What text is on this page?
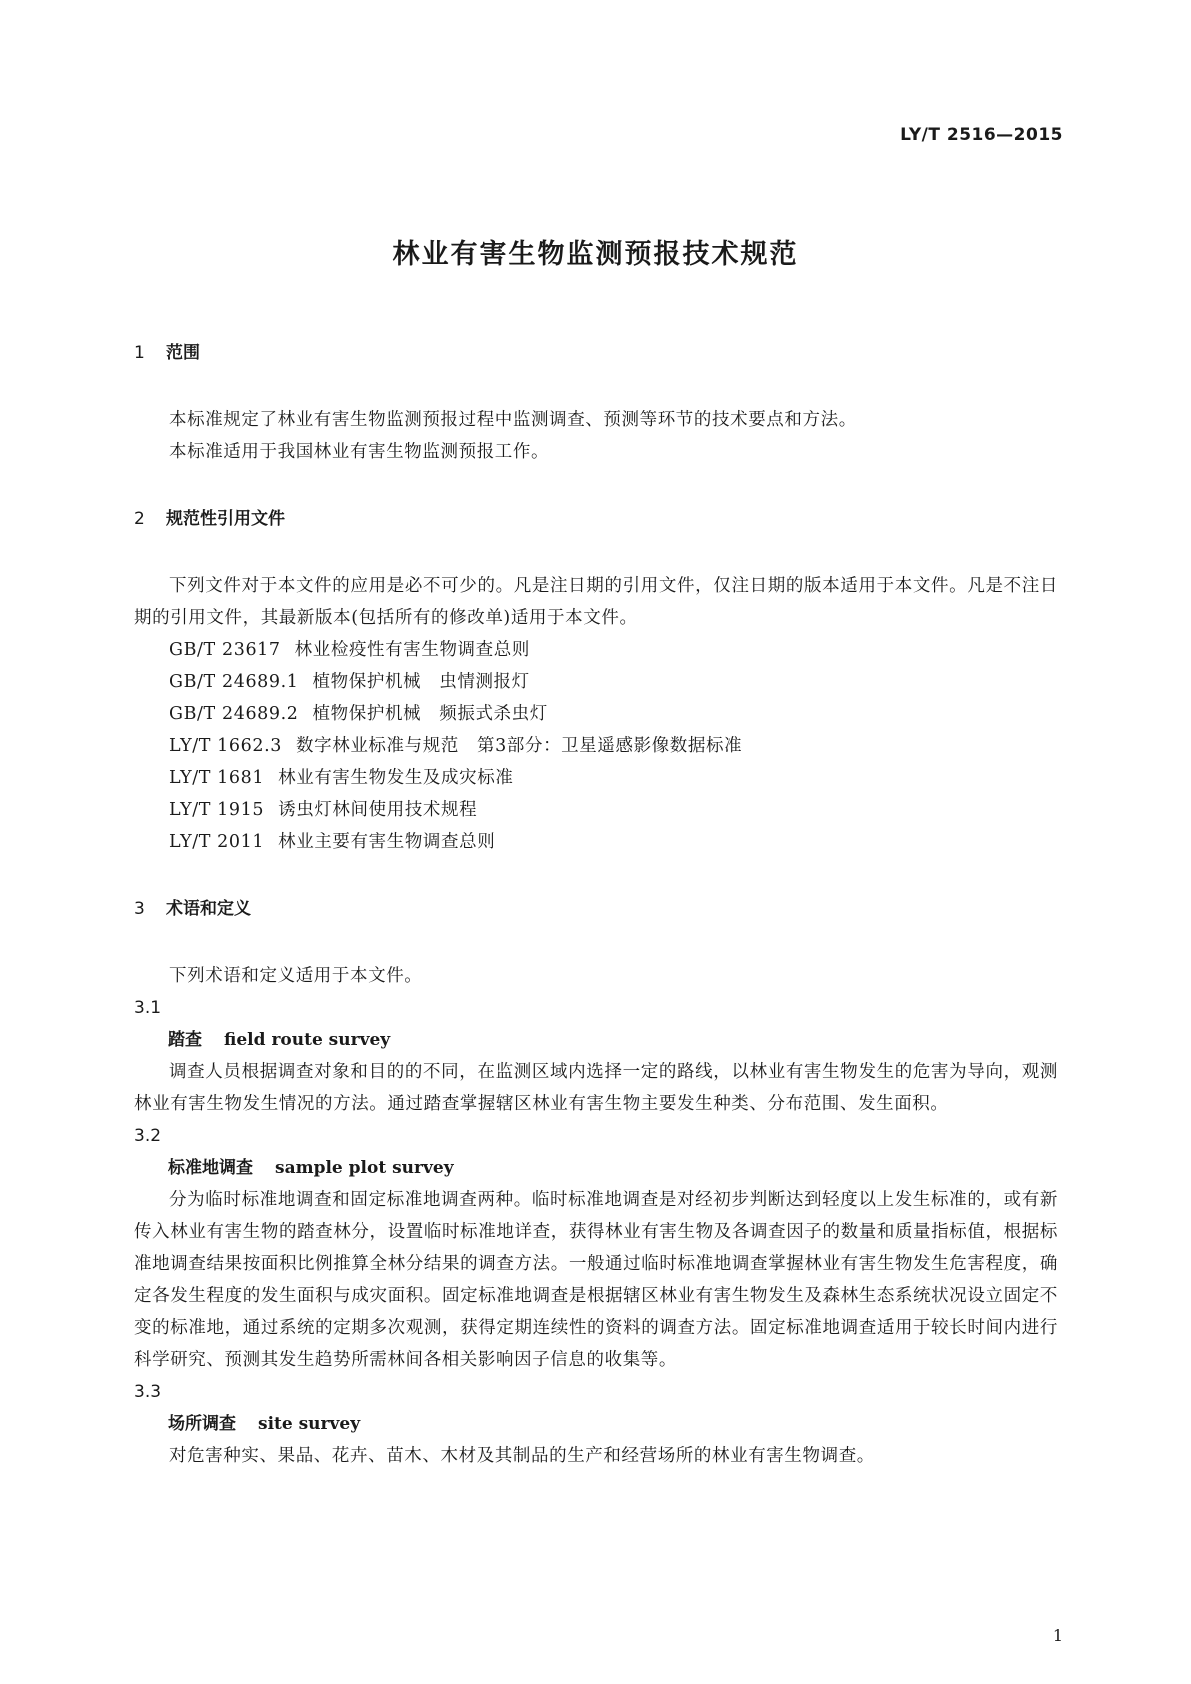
LY/T 2516—2015
林业有害生物监测预报技术规范
1 范围

本标准规定了林业有害生物监测预报过程中监测调查、预测等环节的技术要点和方法。

本标准适用于我国林业有害生物监测预报工作。

2 规范性引用文件

下列文件对于本文件的应用是必不可少的。凡是注日期的引用文件，仅注日期的版本适用于本文件。凡是不注日期的引用文件，其最新版本(包括所有的修改单)适用于本文件。

GB/T 23617 林业检疫性有害生物调查总则
GB/T 24689.1 植物保护机械　虫情测报灯
GB/T 24689.2 植物保护机械　频振式杀虫灯
LY/T 1662.3 数字林业标准与规范　第3部分：卫星遥感影像数据标准
LY/T 1681 林业有害生物发生及成灾标准
LY/T 1915 诱虫灯林间使用技术规程
LY/T 2011 林业主要有害生物调查总则
3 术语和定义

下列术语和定义适用于本文件。

3.1
踏查 field route survey

调查人员根据调查对象和目的的不同，在监测区域内选择一定的路线，以林业有害生物发生的危害为导向，观测林业有害生物发生情况的方法。通过踏查掌握辖区林业有害生物主要发生种类、分布范围、发生面积。

3.2
标准地调查 sample plot survey

分为临时标准地调查和固定标准地调查两种。临时标准地调查是对经初步判断达到轻度以上发生标准的，或有新传入林业有害生物的踏查林分，设置临时标准地详查，获得林业有害生物及各调查因子的数量和质量指标值，根据标准地调查结果按面积比例推算全林分结果的调查方法。一般通过临时标准地调查掌握林业有害生物发生危害程度，确定各发生程度的发生面积与成灾面积。固定标准地调查是根据辖区林业有害生物发生及森林生态系统状况设立固定不变的标准地，通过系统的定期多次观测，获得定期连续性的资料的调查方法。固定标准地调查适用于较长时间内进行科学研究、预测其发生趋势所需林间各相关影响因子信息的收集等。

3.3
场所调查 site survey

对危害种实、果品、花卉、苗木、木材及其制品的生产和经营场所的林业有害生物调查。

1
